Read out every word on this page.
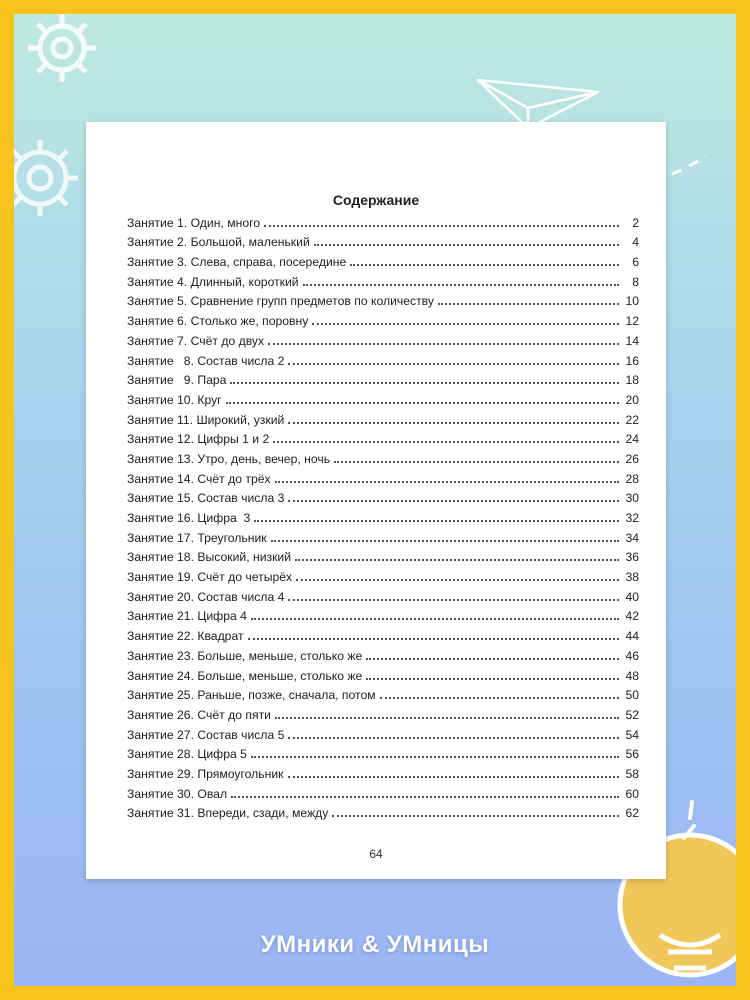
Содержание
Занятие 1. Один, много	2
Занятие 2. Большой, маленький	4
Занятие 3. Слева, справа, посередине	6
Занятие 4. Длинный, короткий	8
Занятие 5. Сравнение групп предметов по количеству	10
Занятие 6. Столько же, поровну	12
Занятие 7. Счёт до двух	14
Занятие   8. Состав числа 2	16
Занятие   9. Пара	18
Занятие 10. Круг	20
Занятие 11. Широкий, узкий	22
Занятие 12. Цифры 1 и 2	24
Занятие 13. Утро, день, вечер, ночь	26
Занятие 14. Счёт до трёх	28
Занятие 15. Состав числа 3	30
Занятие 16. Цифра  3	32
Занятие 17. Треугольник	34
Занятие 18. Высокий, низкий	36
Занятие 19. Счёт до четырёх	38
Занятие 20. Состав числа 4	40
Занятие 21. Цифра 4	42
Занятие 22. Квадрат	44
Занятие 23. Больше, меньше, столько же	46
Занятие 24. Больше, меньше, столько же	48
Занятие 25. Раньше, позже, сначала, потом	50
Занятие 26. Счёт до пяти	52
Занятие 27. Состав числа 5	54
Занятие 28. Цифра 5	56
Занятие 29. Прямоугольник	58
Занятие 30. Овал	60
Занятие 31. Впереди, сзади, между	62
64
УМники & УМницы
